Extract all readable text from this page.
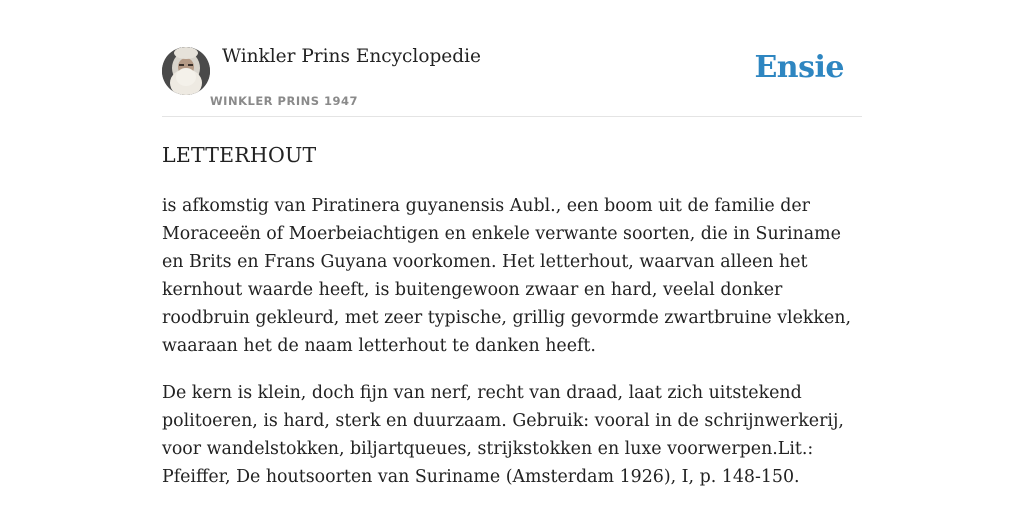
Winkler Prins Encyclopedie
WINKLER PRINS 1947
Ensie
LETTERHOUT

is afkomstig van Piratinera guyanensis Aubl., een boom uit de familie der Moraceeën of Moerbeiachtigen en enkele verwante soorten, die in Suriname en Brits en Frans Guyana voorkomen. Het letterhout, waarvan alleen het kernhout waarde heeft, is buitengewoon zwaar en hard, veelal donker roodbruin gekleurd, met zeer typische, grillig gevormde zwartbruine vlekken, waaraan het de naam letterhout te danken heeft.

De kern is klein, doch fijn van nerf, recht van draad, laat zich uitstekend politoeren, is hard, sterk en duurzaam. Gebruik: vooral in de schrijnwerkerij, voor wandelstokken, biljartqueues, strijkstokken en luxe voorwerpen.Lit.: Pfeiffer, De houtsoorten van Suriname (Amsterdam 1926), I, p. 148-150.
